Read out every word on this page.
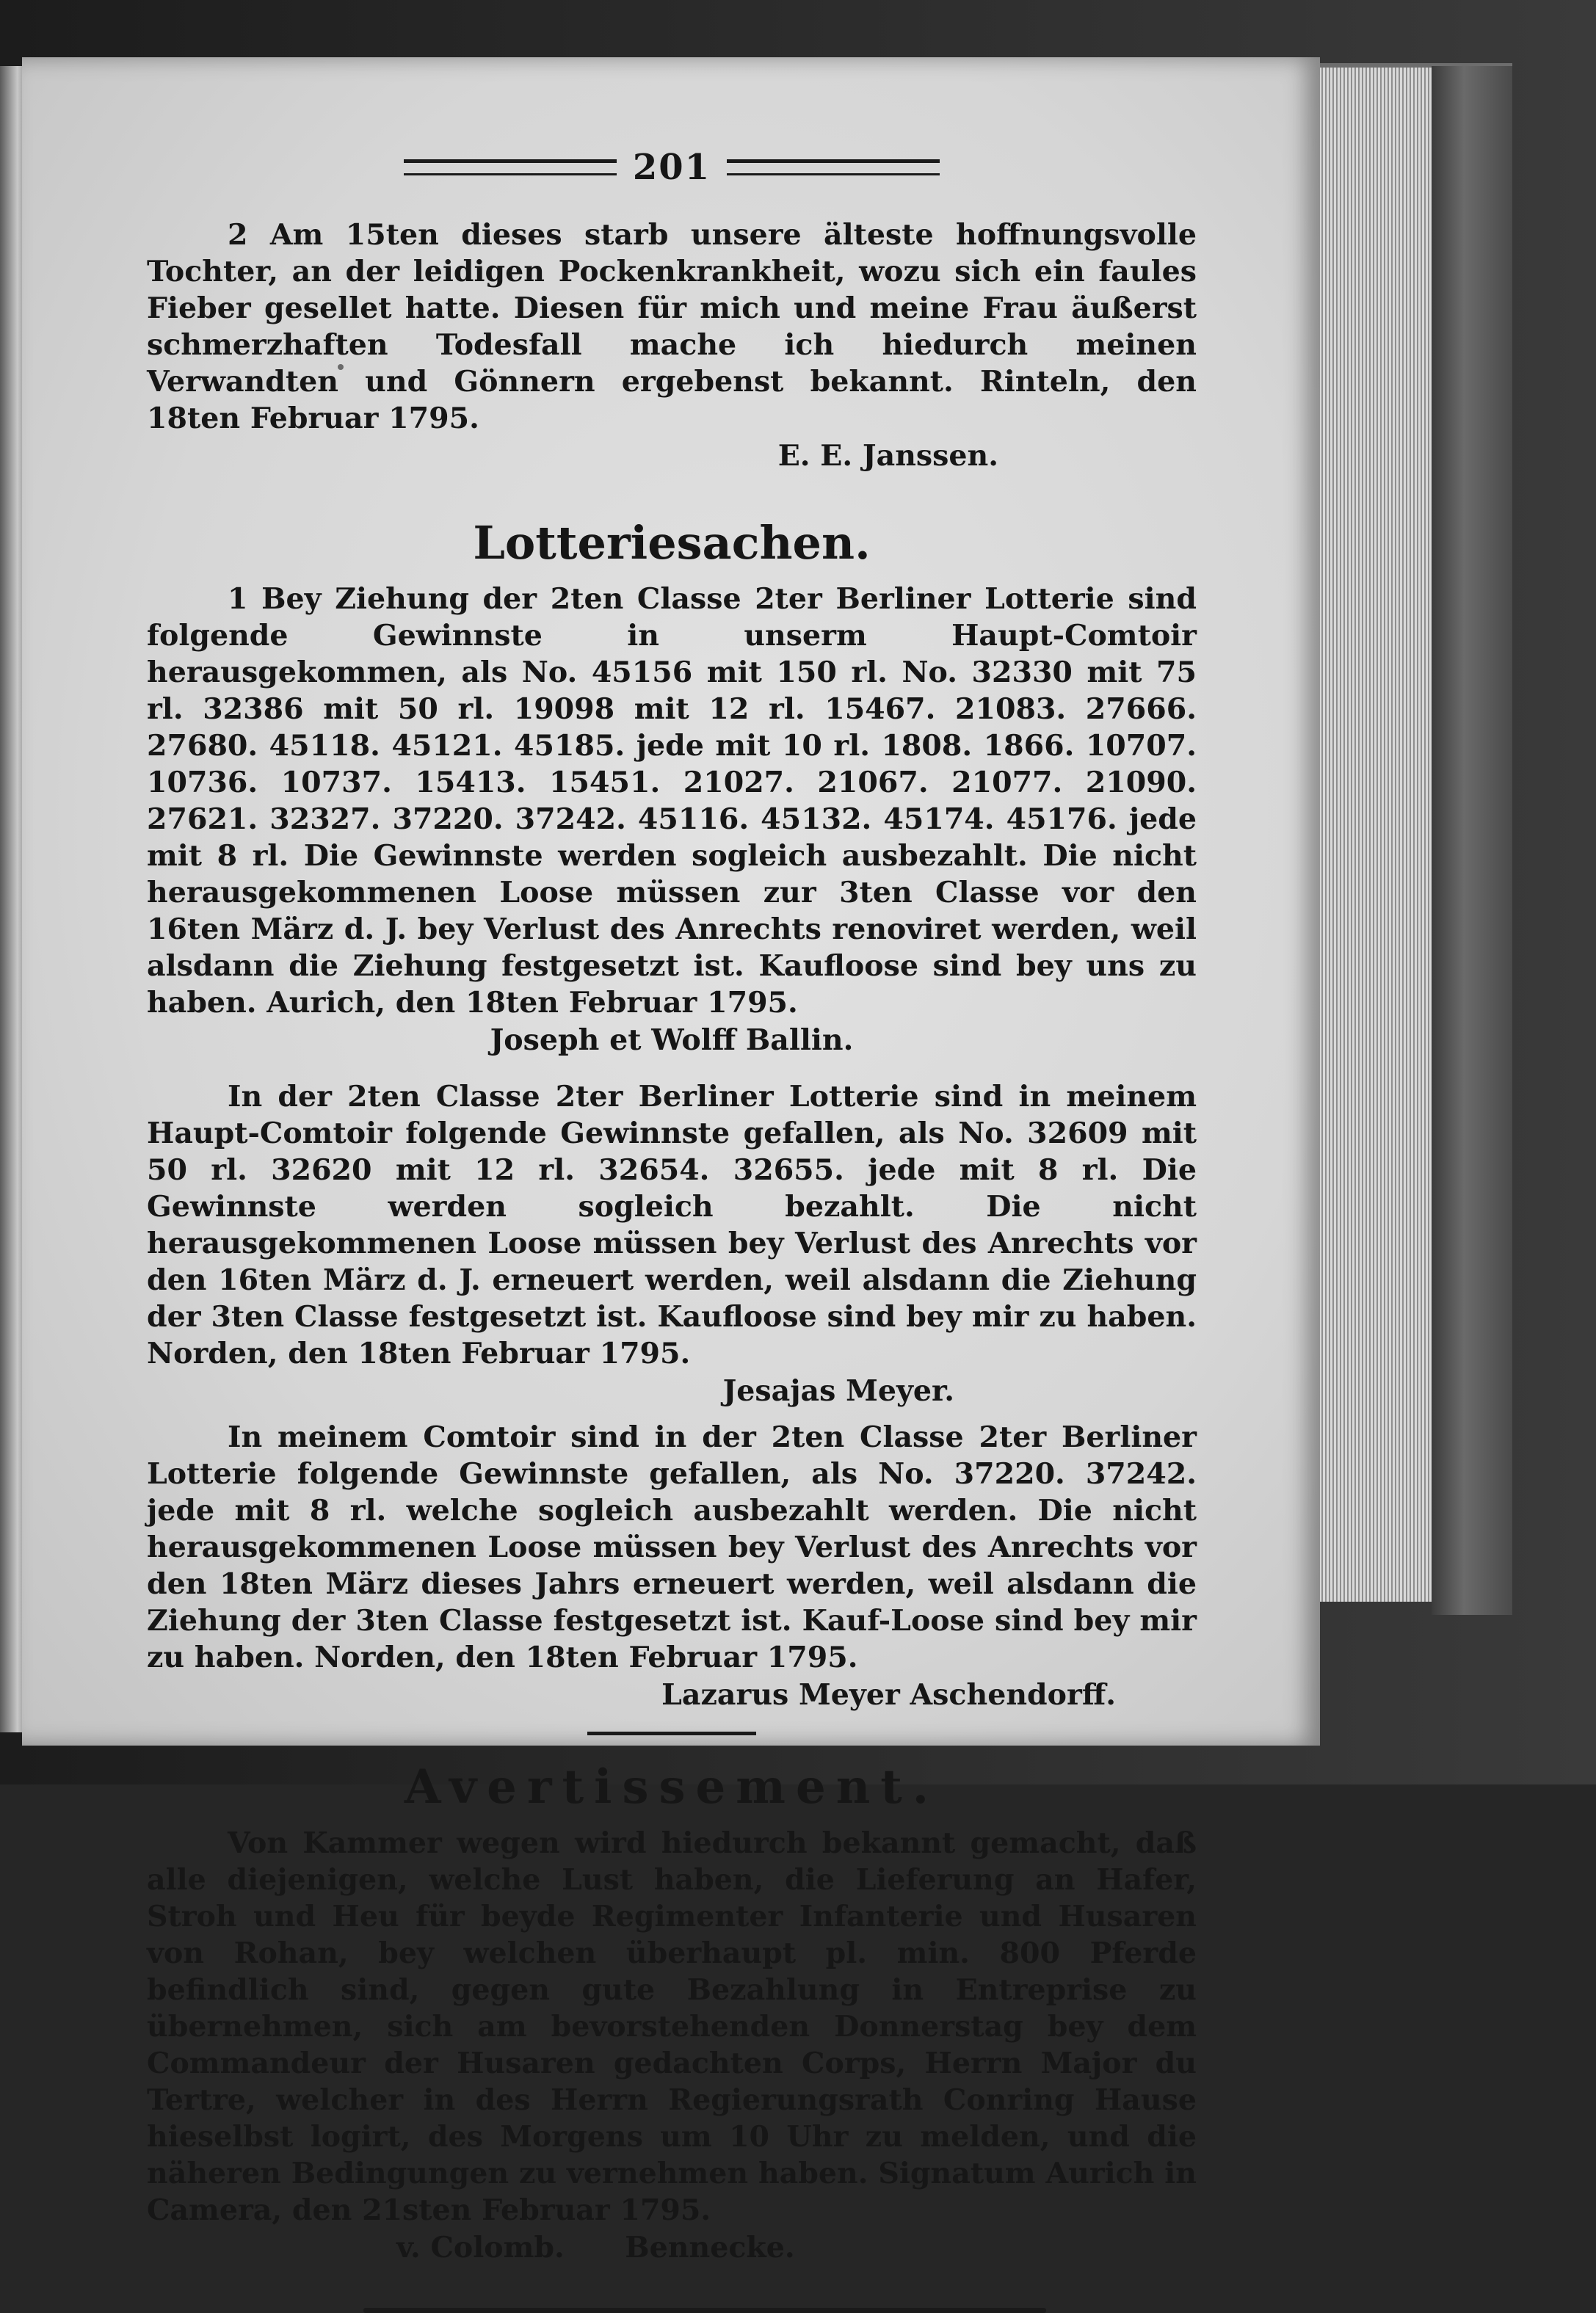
201

2 Am 15ten dieses starb unsere älteste hoffnungsvolle Tochter, an der leidigen Pockenkrankheit, wozu sich ein faules Fieber gesellet hatte. Diesen für mich und meine Frau äußerst schmerzhaften Todesfall mache ich hiedurch meinen Verwandten und Gönnern ergebenst bekannt. Rinteln, den 18ten Februar 1795.

E. E. Janssen.
Lotteriesachen.

1 Bey Ziehung der 2ten Classe 2ter Berliner Lotterie sind folgende Gewinnste in unserm Haupt-Comtoir herausgekommen, als No. 45156 mit 150 rl. No. 32330 mit 75 rl. 32386 mit 50 rl. 19098 mit 12 rl. 15467. 21083. 27666. 27680. 45118. 45121. 45185. jede mit 10 rl. 1808. 1866. 10707. 10736. 10737. 15413. 15451. 21027. 21067. 21077. 21090. 27621. 32327. 37220. 37242. 45116. 45132. 45174. 45176. jede mit 8 rl. Die Gewinnste werden sogleich ausbezahlt. Die nicht herausgekommenen Loose müssen zur 3ten Classe vor den 16ten März d. J. bey Verlust des Anrechts renoviret werden, weil alsdann die Ziehung festgesetzt ist. Kaufloose sind bey uns zu haben. Aurich, den 18ten Februar 1795.

Joseph et Wolff Ballin.

In der 2ten Classe 2ter Berliner Lotterie sind in meinem Haupt-Comtoir folgende Gewinnste gefallen, als No. 32609 mit 50 rl. 32620 mit 12 rl. 32654. 32655. jede mit 8 rl. Die Gewinnste werden sogleich bezahlt. Die nicht herausgekommenen Loose müssen bey Verlust des Anrechts vor den 16ten März d. J. erneuert werden, weil alsdann die Ziehung der 3ten Classe festgesetzt ist. Kaufloose sind bey mir zu haben. Norden, den 18ten Februar 1795.

Jesajas Meyer.

In meinem Comtoir sind in der 2ten Classe 2ter Berliner Lotterie folgende Gewinnste gefallen, als No. 37220. 37242. jede mit 8 rl. welche sogleich ausbezahlt werden. Die nicht herausgekommenen Loose müssen bey Verlust des Anrechts vor den 18ten März dieses Jahrs erneuert werden, weil alsdann die Ziehung der 3ten Classe festgesetzt ist. Kauf-Loose sind bey mir zu haben. Norden, den 18ten Februar 1795.

Lazarus Meyer Aschendorff.
Avertissement.

Von Kammer wegen wird hiedurch bekannt gemacht, daß alle diejenigen, welche Lust haben, die Lieferung an Hafer, Stroh und Heu für beyde Regimenter Infanterie und Husaren von Rohan, bey welchen überhaupt pl. min. 800 Pferde befindlich sind, gegen gute Bezahlung in Entreprise zu übernehmen, sich am bevorstehenden Donnerstag bey dem Commandeur der Husaren gedachten Corps, Herrn Major du Tertre, welcher in des Herrn Regierungsrath Conring Hause hieselbst logirt, des Morgens um 10 Uhr zu melden, und die näheren Bedingungen zu vernehmen haben. Signatum Aurich in Camera, den 21sten Februar 1795.

v. Colomb.      Bennecke.
